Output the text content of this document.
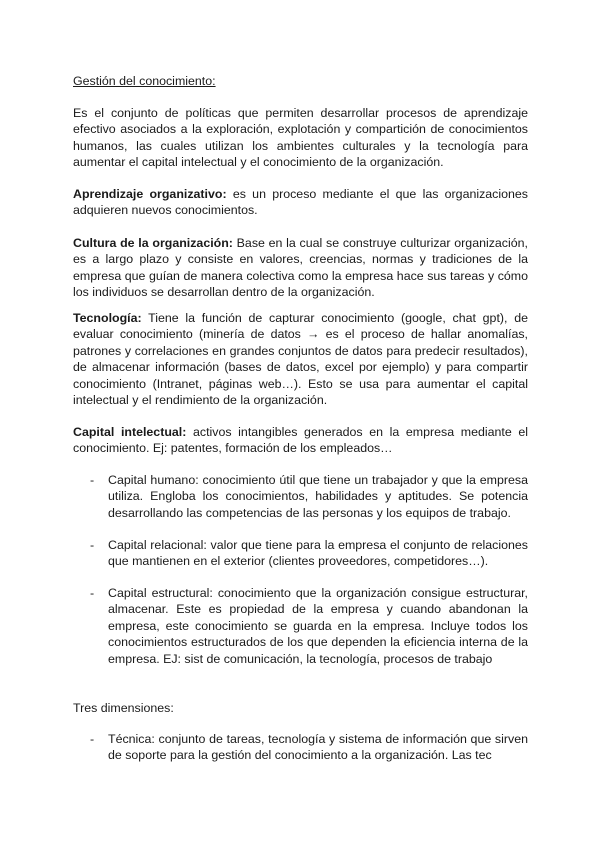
Gestión del conocimiento:

Es el conjunto de políticas que permiten desarrollar procesos de aprendizaje efectivo asociados a la exploración, explotación y compartición de conocimientos humanos, las cuales utilizan los ambientes culturales y la tecnología para aumentar el capital intelectual y el conocimiento de la organización.

Aprendizaje organizativo: es un proceso mediante el que las organizaciones adquieren nuevos conocimientos.

Cultura de la organización: Base en la cual se construye culturizar organización, es a largo plazo y consiste en valores, creencias, normas y tradiciones de la empresa que guían de manera colectiva como la empresa hace sus tareas y cómo los individuos se desarrollan dentro de la organización.

Tecnología: Tiene la función de capturar conocimiento (google, chat gpt), de evaluar conocimiento (minería de datos → es el proceso de hallar anomalías, patrones y correlaciones en grandes conjuntos de datos para predecir resultados), de almacenar información (bases de datos, excel por ejemplo) y para compartir conocimiento (Intranet, páginas web…). Esto se usa para aumentar el capital intelectual y el rendimiento de la organización.

Capital intelectual: activos intangibles generados en la empresa mediante el conocimiento. Ej: patentes, formación de los empleados…

- Capital humano: conocimiento útil que tiene un trabajador y que la empresa utiliza. Engloba los conocimientos, habilidades y aptitudes. Se potencia desarrollando las competencias de las personas y los equipos de trabajo.

- Capital relacional: valor que tiene para la empresa el conjunto de relaciones que mantienen en el exterior (clientes proveedores, competidores…).

- Capital estructural: conocimiento que la organización consigue estructurar, almacenar. Este es propiedad de la empresa y cuando abandonan la empresa, este conocimiento se guarda en la empresa. Incluye todos los conocimientos estructurados de los que dependen la eficiencia interna de la empresa. EJ: sist de comunicación, la tecnología, procesos de trabajo

Tres dimensiones:
- Técnica: conjunto de tareas, tecnología y sistema de información que sirven de soporte para la gestión del conocimiento a la organización. Las tec
